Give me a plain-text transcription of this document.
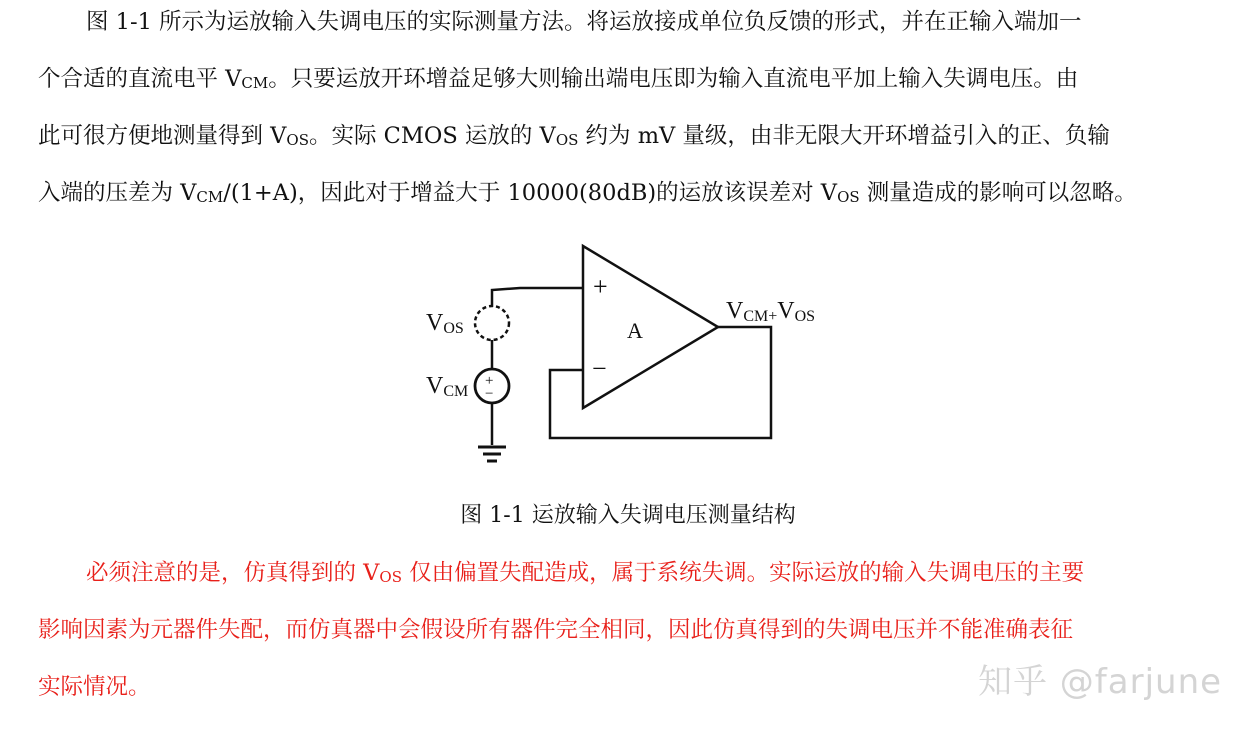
图 1-1 所示为运放输入失调电压的实际测量方法。将运放接成单位负反馈的形式，并在正输入端加一
个合适的直流电平 VCM。只要运放开环增益足够大则输出端电压即为输入直流电平加上输入失调电压。由
此可很方便地测量得到 VOS。实际 CMOS 运放的 VOS 约为 mV 量级，由非无限大开环增益引入的正、负输
入端的压差为 VCM/(1+A)，因此对于增益大于 10000(80dB)的运放该误差对 VOS 测量造成的影响可以忽略。
+
−
A
+
−
VOS
VCM
VCM+VOS
图 1-1 运放输入失调电压测量结构
必须注意的是，仿真得到的 VOS 仅由偏置失配造成，属于系统失调。实际运放的输入失调电压的主要
影响因素为元器件失配，而仿真器中会假设所有器件完全相同，因此仿真得到的失调电压并不能准确表征
实际情况。	知乎 @farjune
